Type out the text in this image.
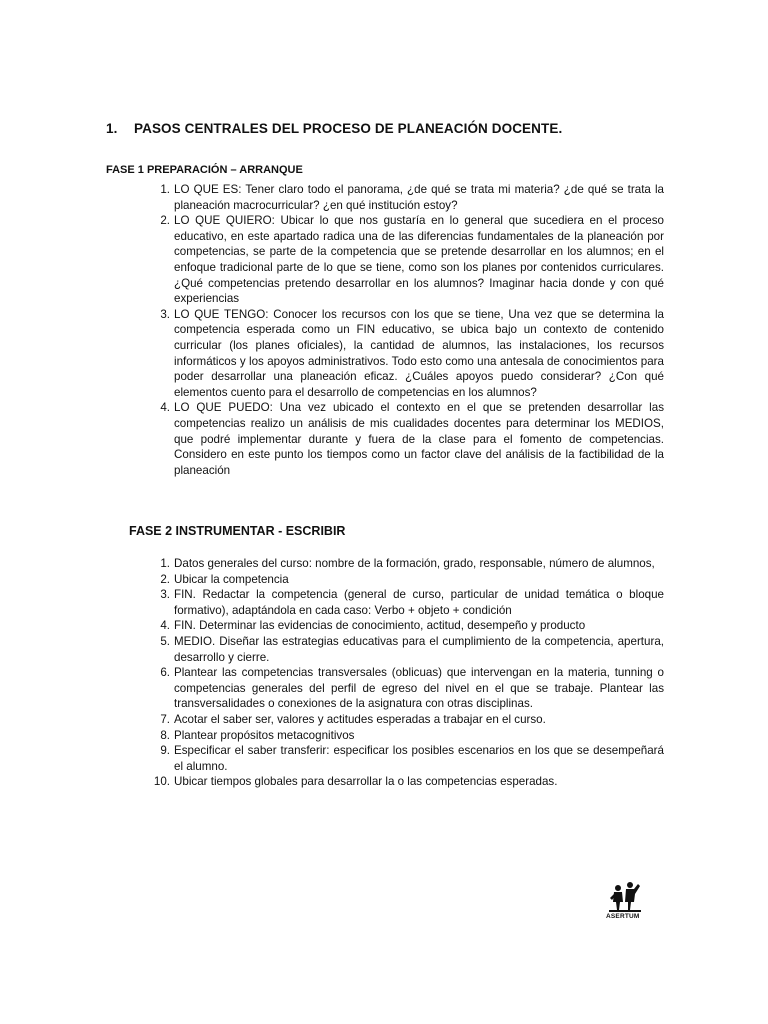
1. PASOS CENTRALES DEL PROCESO DE PLANEACIÓN DOCENTE.
FASE 1 PREPARACIÓN – ARRANQUE
1. LO QUE ES: Tener claro todo el panorama, ¿de qué se trata mi materia? ¿de qué se trata la planeación macrocurricular? ¿en qué institución estoy?
2. LO QUE QUIERO: Ubicar lo que nos gustaría en lo general que sucediera en el proceso educativo, en este apartado radica una de las diferencias fundamentales de la planeación por competencias, se parte de la competencia que se pretende desarrollar en los alumnos; en el enfoque tradicional parte de lo que se tiene, como son los planes por contenidos curriculares. ¿Qué competencias pretendo desarrollar en los alumnos? Imaginar hacia donde y con qué experiencias
3. LO QUE TENGO: Conocer los recursos con los que se tiene, Una vez que se determina la competencia esperada como un FIN educativo, se ubica bajo un contexto de contenido curricular (los planes oficiales), la cantidad de alumnos, las instalaciones, los recursos informáticos y los apoyos administrativos. Todo esto como una antesala de conocimientos para poder desarrollar una planeación eficaz. ¿Cuáles apoyos puedo considerar? ¿Con qué elementos cuento para el desarrollo de competencias en los alumnos?
4. LO QUE PUEDO: Una vez ubicado el contexto en el que se pretenden desarrollar las competencias realizo un análisis de mis cualidades docentes para determinar los MEDIOS, que podré implementar durante y fuera de la clase para el fomento de competencias. Considero en este punto los tiempos como un factor clave del análisis de la factibilidad de la planeación
FASE 2 INSTRUMENTAR - ESCRIBIR
1. Datos generales del curso: nombre de la formación, grado, responsable, número de alumnos,
2. Ubicar la competencia
3. FIN. Redactar la competencia (general de curso, particular de unidad temática o bloque formativo), adaptándola en cada caso: Verbo + objeto + condición
4. FIN. Determinar las evidencias de conocimiento, actitud, desempeño y producto
5. MEDIO. Diseñar las estrategias educativas para el cumplimiento de la competencia, apertura, desarrollo y cierre.
6. Plantear las competencias transversales (oblicuas) que intervengan en la materia, tunning o competencias generales del perfil de egreso del nivel en el que se trabaje. Plantear las transversalidades o conexiones de la asignatura con otras disciplinas.
7. Acotar el saber ser, valores y actitudes esperadas a trabajar en el curso.
8. Plantear propósitos metacognitivos
9. Especificar el saber transferir: especificar los posibles escenarios en los que se desempeñará el alumno.
10. Ubicar tiempos globales para desarrollar la o las competencias esperadas.
ASERTUM
